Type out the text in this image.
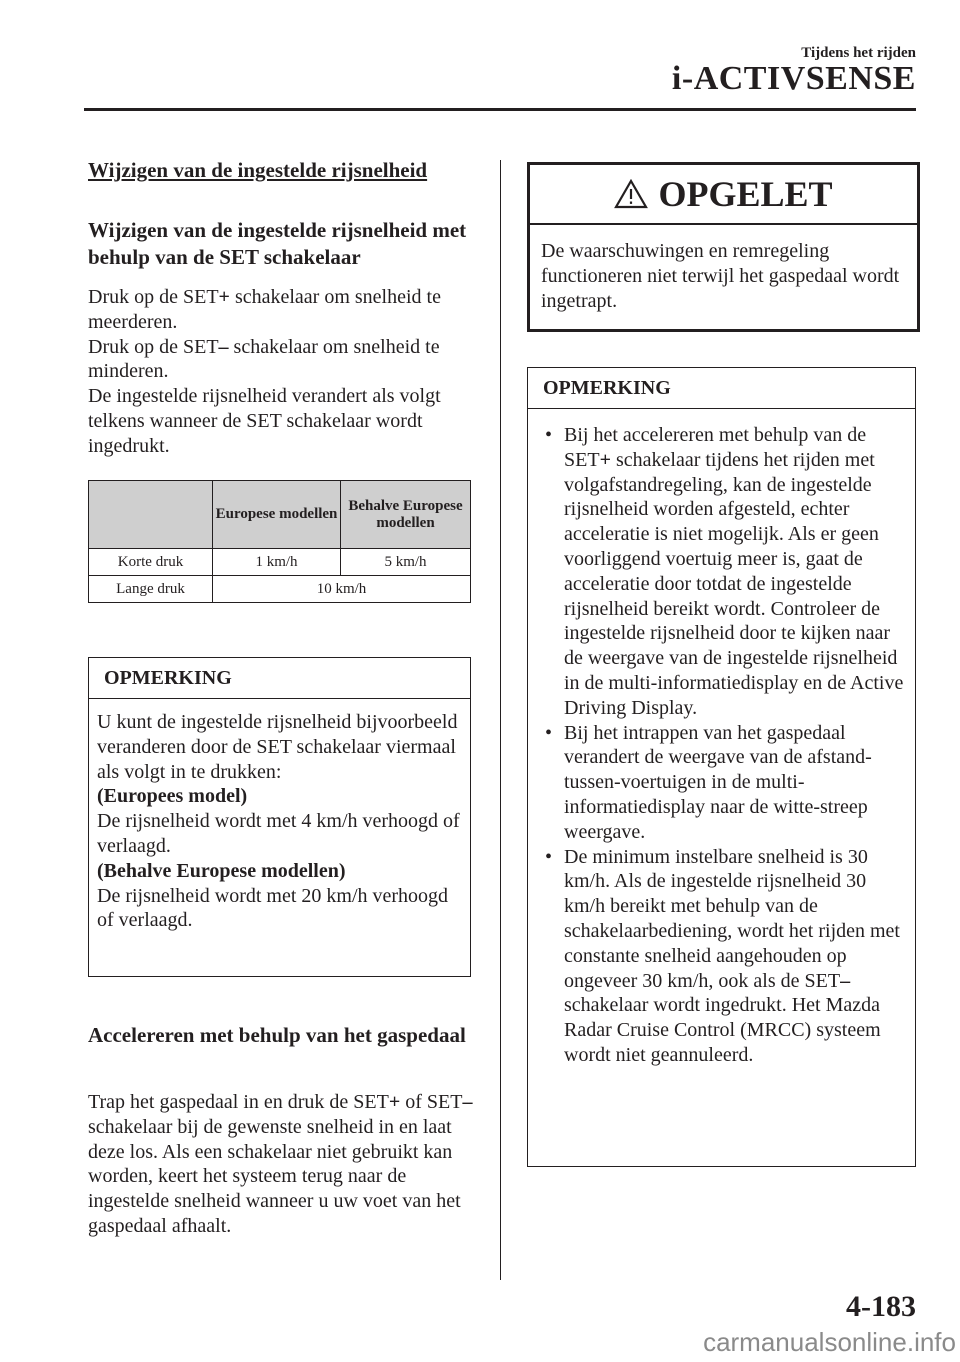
Tijdens het rijden
i-ACTIVSENSE
Wijzigen van de ingestelde rijsnelheid
Wijzigen van de ingestelde rijsnelheid met behulp van de SET schakelaar
Druk op de SET+ schakelaar om snelheid te meerderen.
Druk op de SET– schakelaar om snelheid te minderen.
De ingestelde rijsnelheid verandert als volgt telkens wanneer de SET schakelaar wordt ingedrukt.
	Europese modellen	Behalve Europese modellen
Korte druk	1 km/h	5 km/h
Lange druk	10 km/h	
OPMERKING
U kunt de ingestelde rijsnelheid bijvoorbeeld veranderen door de SET schakelaar viermaal als volgt in te drukken:
(Europees model)
De rijsnelheid wordt met 4 km/h verhoogd of verlaagd.
(Behalve Europese modellen)
De rijsnelheid wordt met 20 km/h verhoogd of verlaagd.
Accelereren met behulp van het gaspedaal
Trap het gaspedaal in en druk de SET+ of SET– schakelaar bij de gewenste snelheid in en laat deze los. Als een schakelaar niet gebruikt kan worden, keert het systeem terug naar de ingestelde snelheid wanneer u uw voet van het gaspedaal afhaalt.
OPGELET
De waarschuwingen en remregeling functioneren niet terwijl het gaspedaal wordt ingetrapt.
OPMERKING
• Bij het accelereren met behulp van de SET+ schakelaar tijdens het rijden met volgafstandregeling, kan de ingestelde rijsnelheid worden afgesteld, echter acceleratie is niet mogelijk. Als er geen voorliggend voertuig meer is, gaat de acceleratie door totdat de ingestelde rijsnelheid bereikt wordt. Controleer de ingestelde rijsnelheid door te kijken naar de weergave van de ingestelde rijsnelheid in de multi-informatiedisplay en de Active Driving Display.
• Bij het intrappen van het gaspedaal verandert de weergave van de afstand-tussen-voertuigen in de multi-informatiedisplay naar de witte-streep weergave.
• De minimum instelbare snelheid is 30 km/h. Als de ingestelde rijsnelheid 30 km/h bereikt met behulp van de schakelaarbediening, wordt het rijden met constante snelheid aangehouden op ongeveer 30 km/h, ook als de SET– schakelaar wordt ingedrukt. Het Mazda Radar Cruise Control (MRCC) systeem wordt niet geannuleerd.
4-183
carmanualsonline.info
